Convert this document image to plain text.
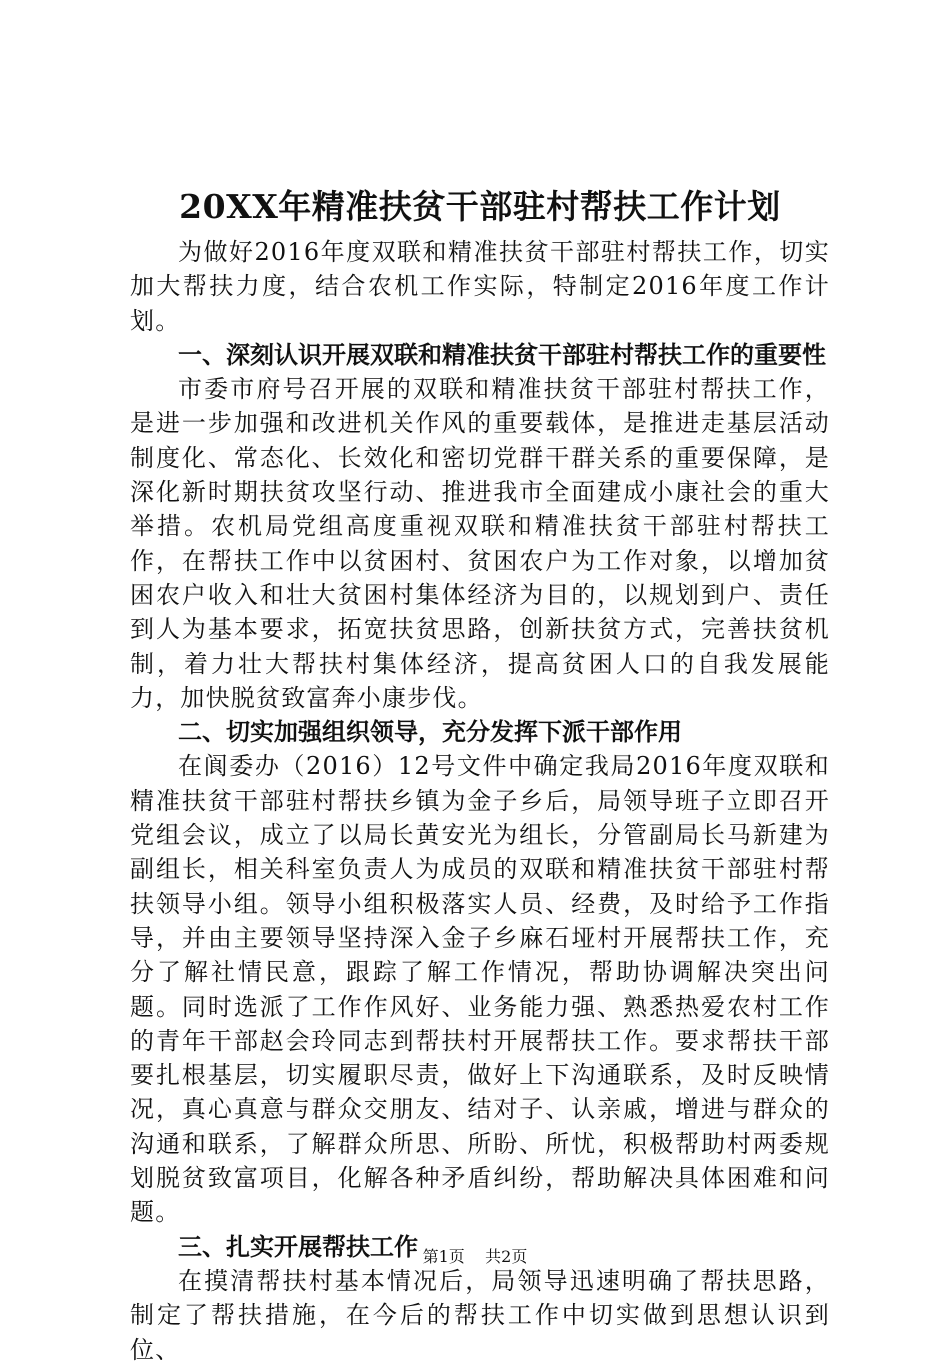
20XX年精准扶贫干部驻村帮扶工作计划

为做好2016年度双联和精准扶贫干部驻村帮扶工作，切实加大帮扶力度，结合农机工作实际，特制定2016年度工作计划。

一、深刻认识开展双联和精准扶贫干部驻村帮扶工作的重要性

市委市府号召开展的双联和精准扶贫干部驻村帮扶工作，是进一步加强和改进机关作风的重要载体，是推进走基层活动制度化、常态化、长效化和密切党群干群关系的重要保障，是深化新时期扶贫攻坚行动、推进我市全面建成小康社会的重大举措。农机局党组高度重视双联和精准扶贫干部驻村帮扶工作，在帮扶工作中以贫困村、贫困农户为工作对象，以增加贫困农户收入和壮大贫困村集体经济为目的，以规划到户、责任到人为基本要求，拓宽扶贫思路，创新扶贫方式，完善扶贫机制，着力壮大帮扶村集体经济，提高贫困人口的自我发展能力，加快脱贫致富奔小康步伐。

二、切实加强组织领导，充分发挥下派干部作用

在阆委办（2016）12号文件中确定我局2016年度双联和精准扶贫干部驻村帮扶乡镇为金子乡后，局领导班子立即召开党组会议，成立了以局长黄安光为组长，分管副局长马新建为副组长，相关科室负责人为成员的双联和精准扶贫干部驻村帮扶领导小组。领导小组积极落实人员、经费，及时给予工作指导，并由主要领导坚持深入金子乡麻石垭村开展帮扶工作，充分了解社情民意，跟踪了解工作情况，帮助协调解决突出问题。同时选派了工作作风好、业务能力强、熟悉热爱农村工作的青年干部赵会玲同志到帮扶村开展帮扶工作。要求帮扶干部要扎根基层，切实履职尽责，做好上下沟通联系，及时反映情况，真心真意与群众交朋友、结对子、认亲戚，增进与群众的沟通和联系，了解群众所思、所盼、所忧，积极帮助村两委规划脱贫致富项目，化解各种矛盾纠纷，帮助解决具体困难和问题。

三、扎实开展帮扶工作

在摸清帮扶村基本情况后，局领导迅速明确了帮扶思路，制定了帮扶措施，在今后的帮扶工作中切实做到思想认识到位、

第1页 共2页
